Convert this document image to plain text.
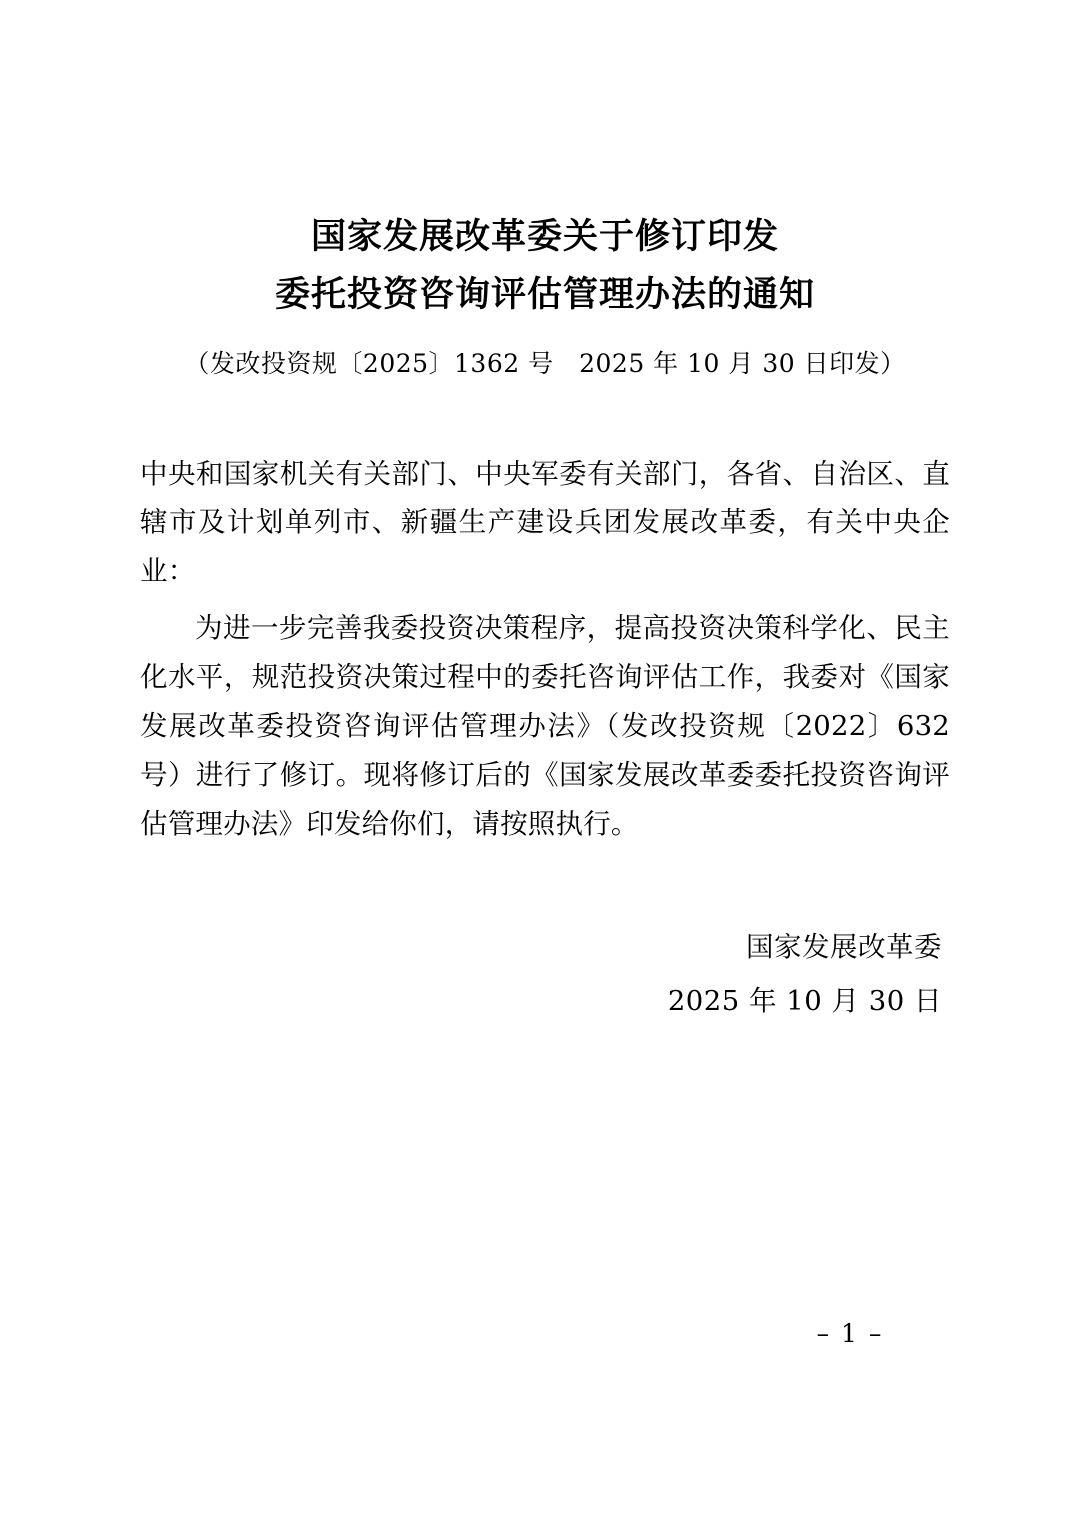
国家发展改革委关于修订印发
委托投资咨询评估管理办法的通知
（发改投资规〔2025〕1362 号　2025 年 10 月 30 日印发）
中央和国家机关有关部门、中央军委有关部门，各省、自治区、直辖市及计划单列市、新疆生产建设兵团发展改革委，有关中央企业：
为进一步完善我委投资决策程序，提高投资决策科学化、民主化水平，规范投资决策过程中的委托咨询评估工作，我委对《国家发展改革委投资咨询评估管理办法》（发改投资规〔2022〕632号）进行了修订。现将修订后的《国家发展改革委委托投资咨询评估管理办法》印发给你们，请按照执行。
国家发展改革委
2025 年 10 月 30 日
– 1 –
